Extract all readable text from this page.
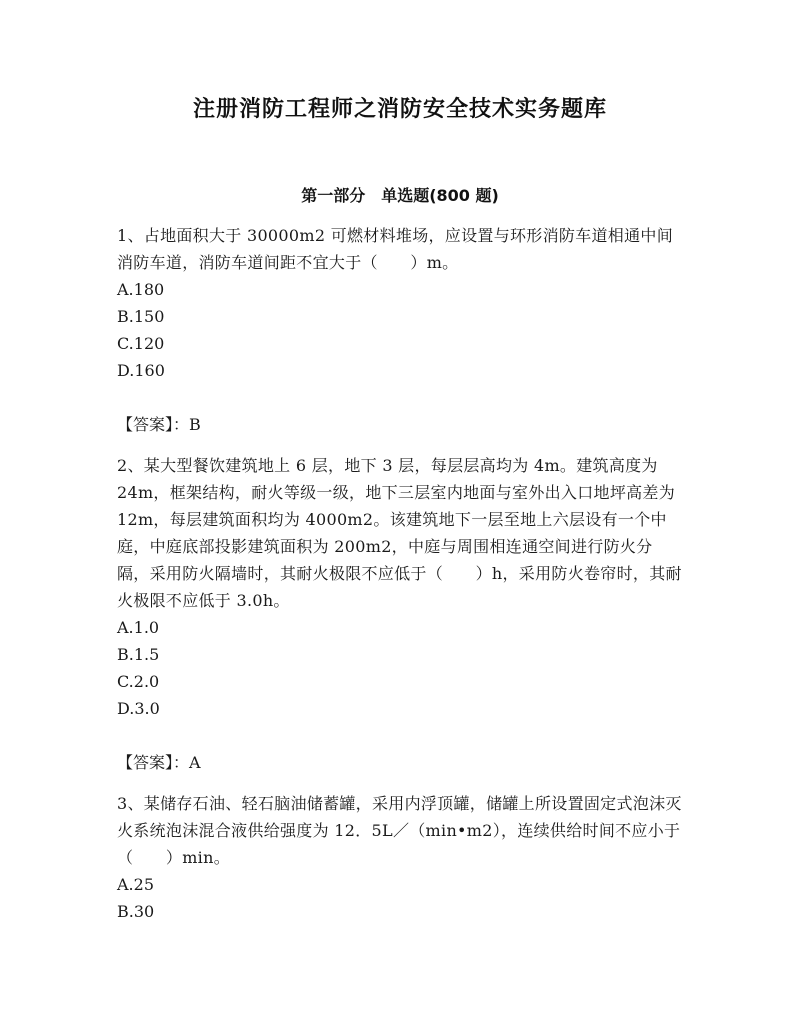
注册消防工程师之消防安全技术实务题库
第一部分　单选题(800 题)

1、占地面积大于 30000m2 可燃材料堆场，应设置与环形消防车道相通中间消防车道，消防车道间距不宜大于（　　）m。

A.180

B.150

C.120

D.160

【答案】：B

2、某大型餐饮建筑地上 6 层，地下 3 层，每层层高均为 4m。建筑高度为 24m，框架结构，耐火等级一级，地下三层室内地面与室外出入口地坪高差为 12m，每层建筑面积均为 4000m2。该建筑地下一层至地上六层设有一个中庭，中庭底部投影建筑面积为 200m2，中庭与周围相连通空间进行防火分隔，采用防火隔墙时，其耐火极限不应低于（　　）h，采用防火卷帘时，其耐火极限不应低于 3.0h。

A.1.0

B.1.5

C.2.0

D.3.0

【答案】：A

3、某储存石油、轻石脑油储蓄罐，采用内浮顶罐，储罐上所设置固定式泡沫灭火系统泡沫混合液供给强度为 12．5L／（min•m2），连续供给时间不应小于（　　）min。

A.25

B.30
